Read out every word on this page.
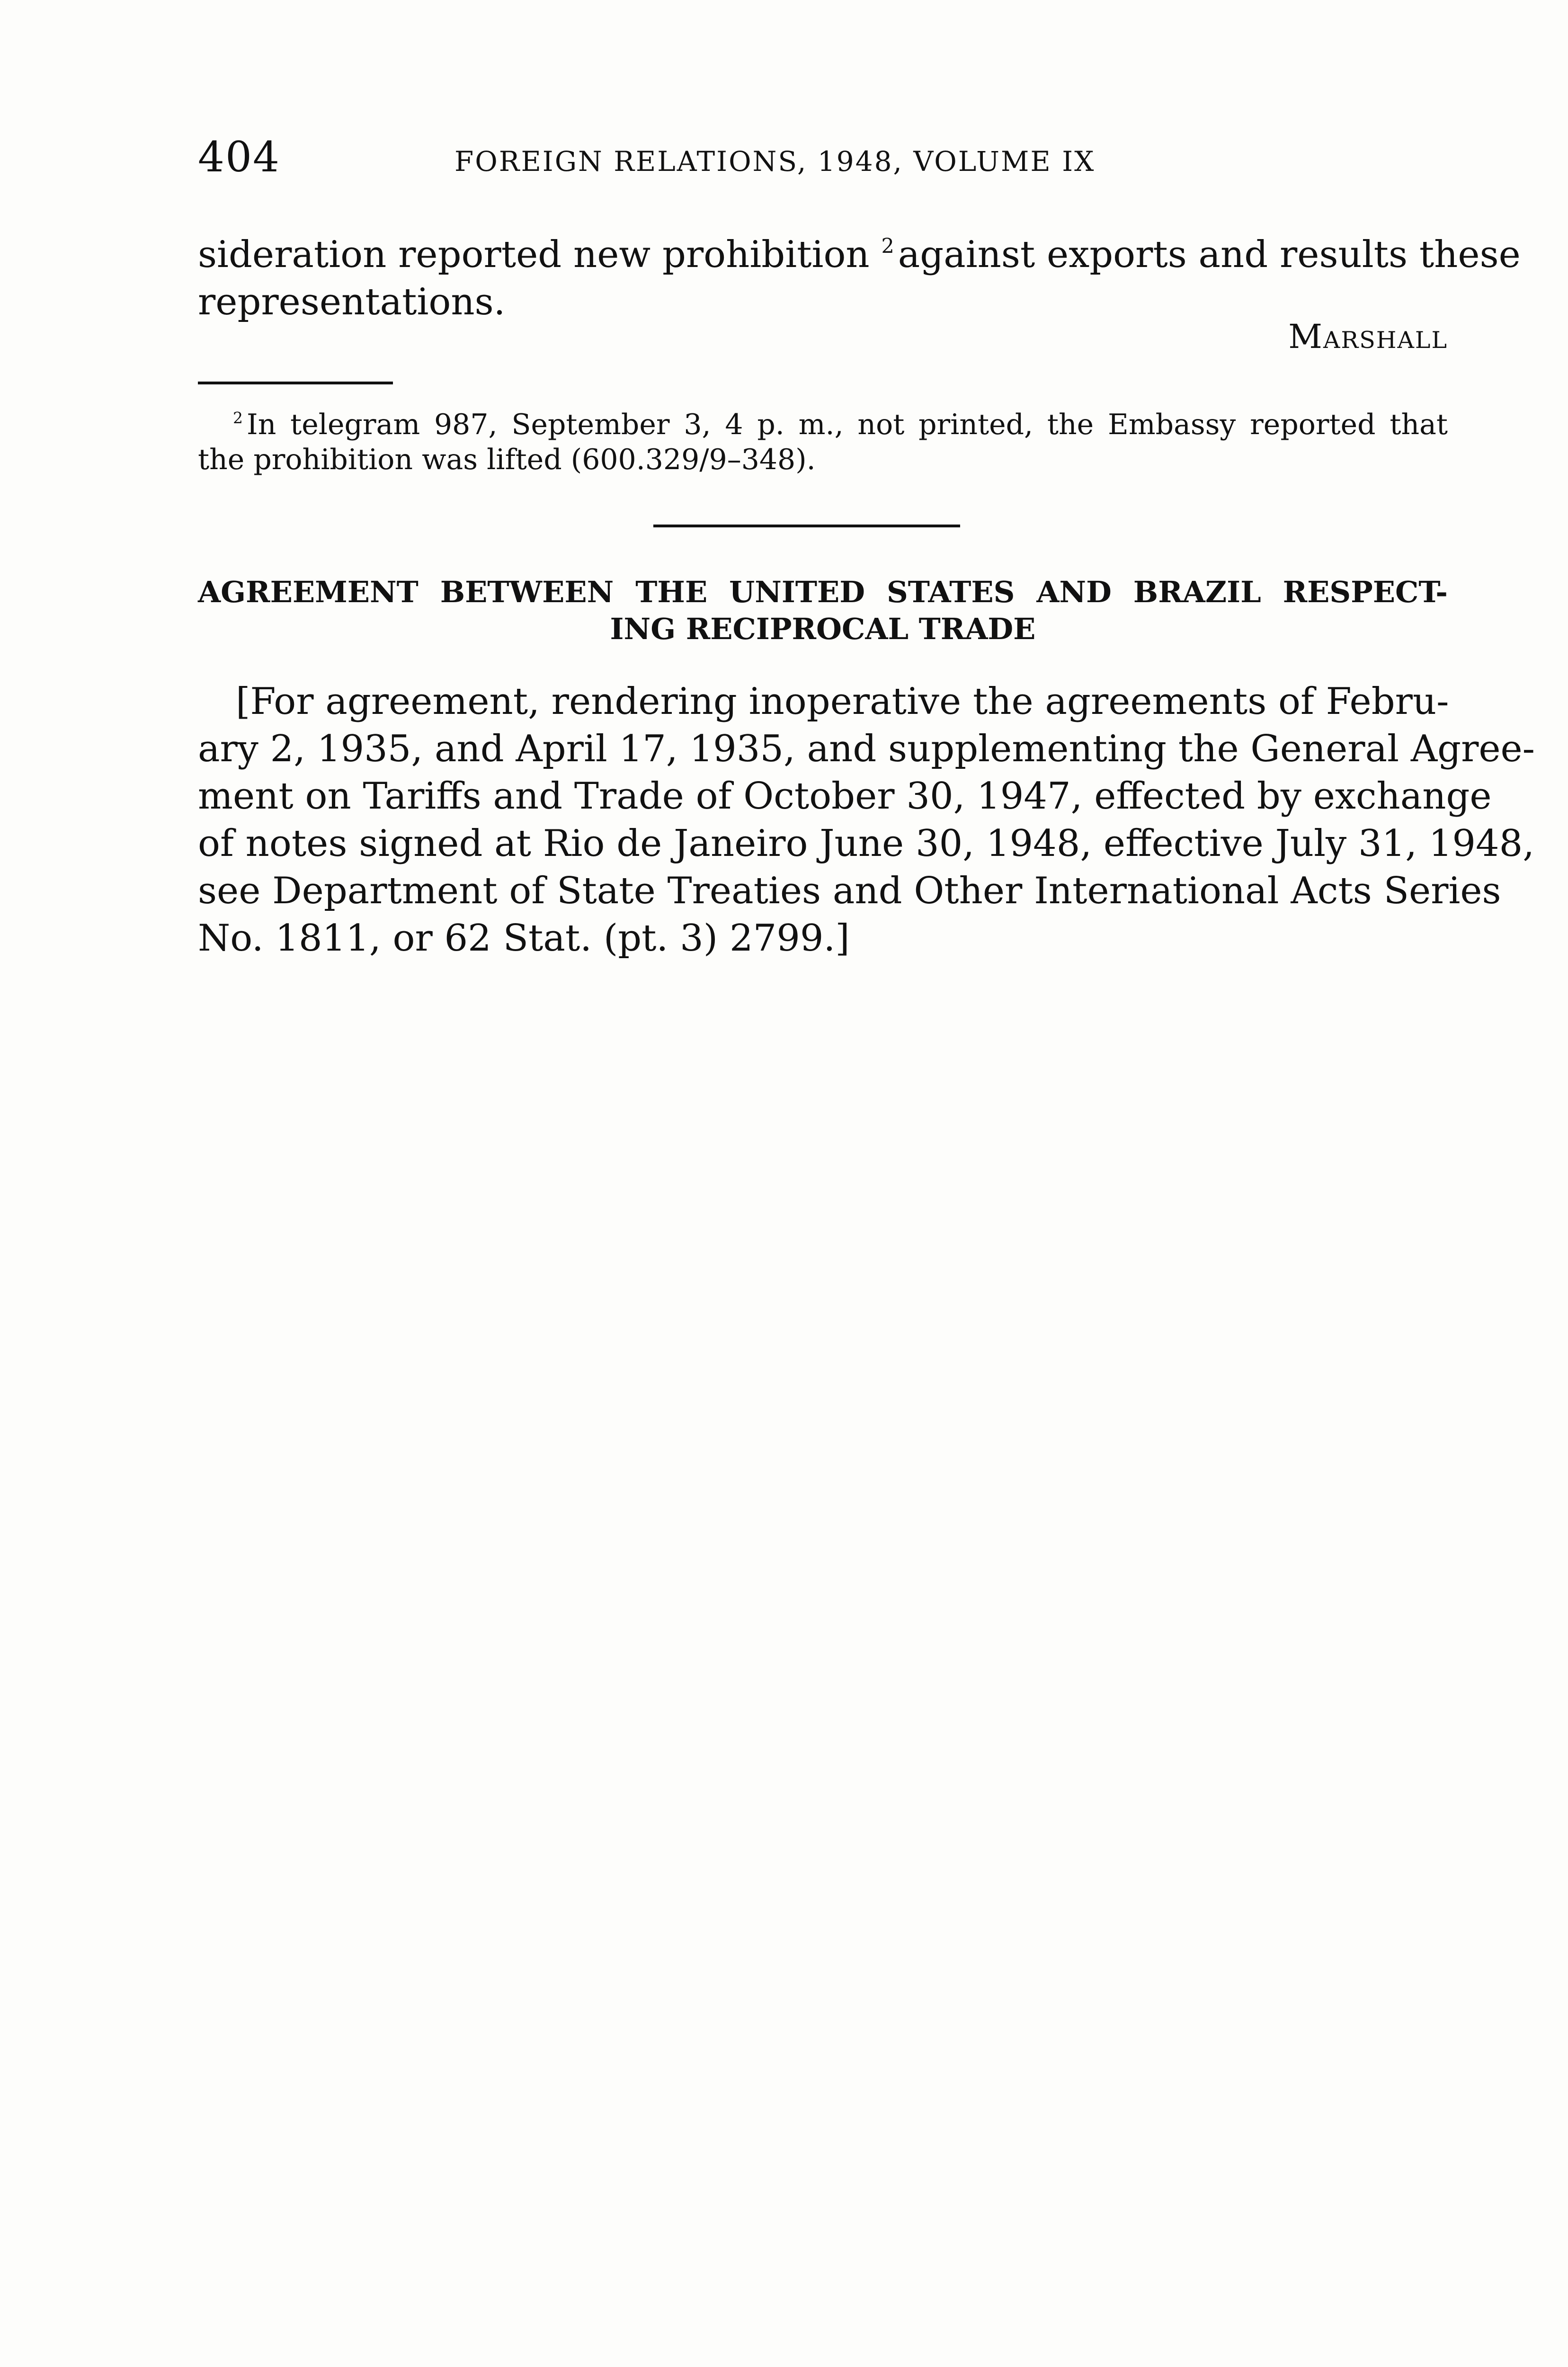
404	FOREIGN RELATIONS, 1948, VOLUME IX
sideration reported new prohibition $^2$ against exports and results these
representations.
Marshall
$^2$ In telegram 987, September 3, 4 p. m., not printed, the Embassy reported that
the prohibition was lifted (600.329/9–348).
AGREEMENT BETWEEN THE UNITED STATES AND BRAZIL RESPECT-
ING RECIPROCAL TRADE
[For agreement, rendering inoperative the agreements of Febru-
ary 2, 1935, and April 17, 1935, and supplementing the General Agree-
ment on Tariffs and Trade of October 30, 1947, effected by exchange
of notes signed at Rio de Janeiro June 30, 1948, effective July 31, 1948,
see Department of State Treaties and Other International Acts Series
No. 1811, or 62 Stat. (pt. 3) 2799.]
